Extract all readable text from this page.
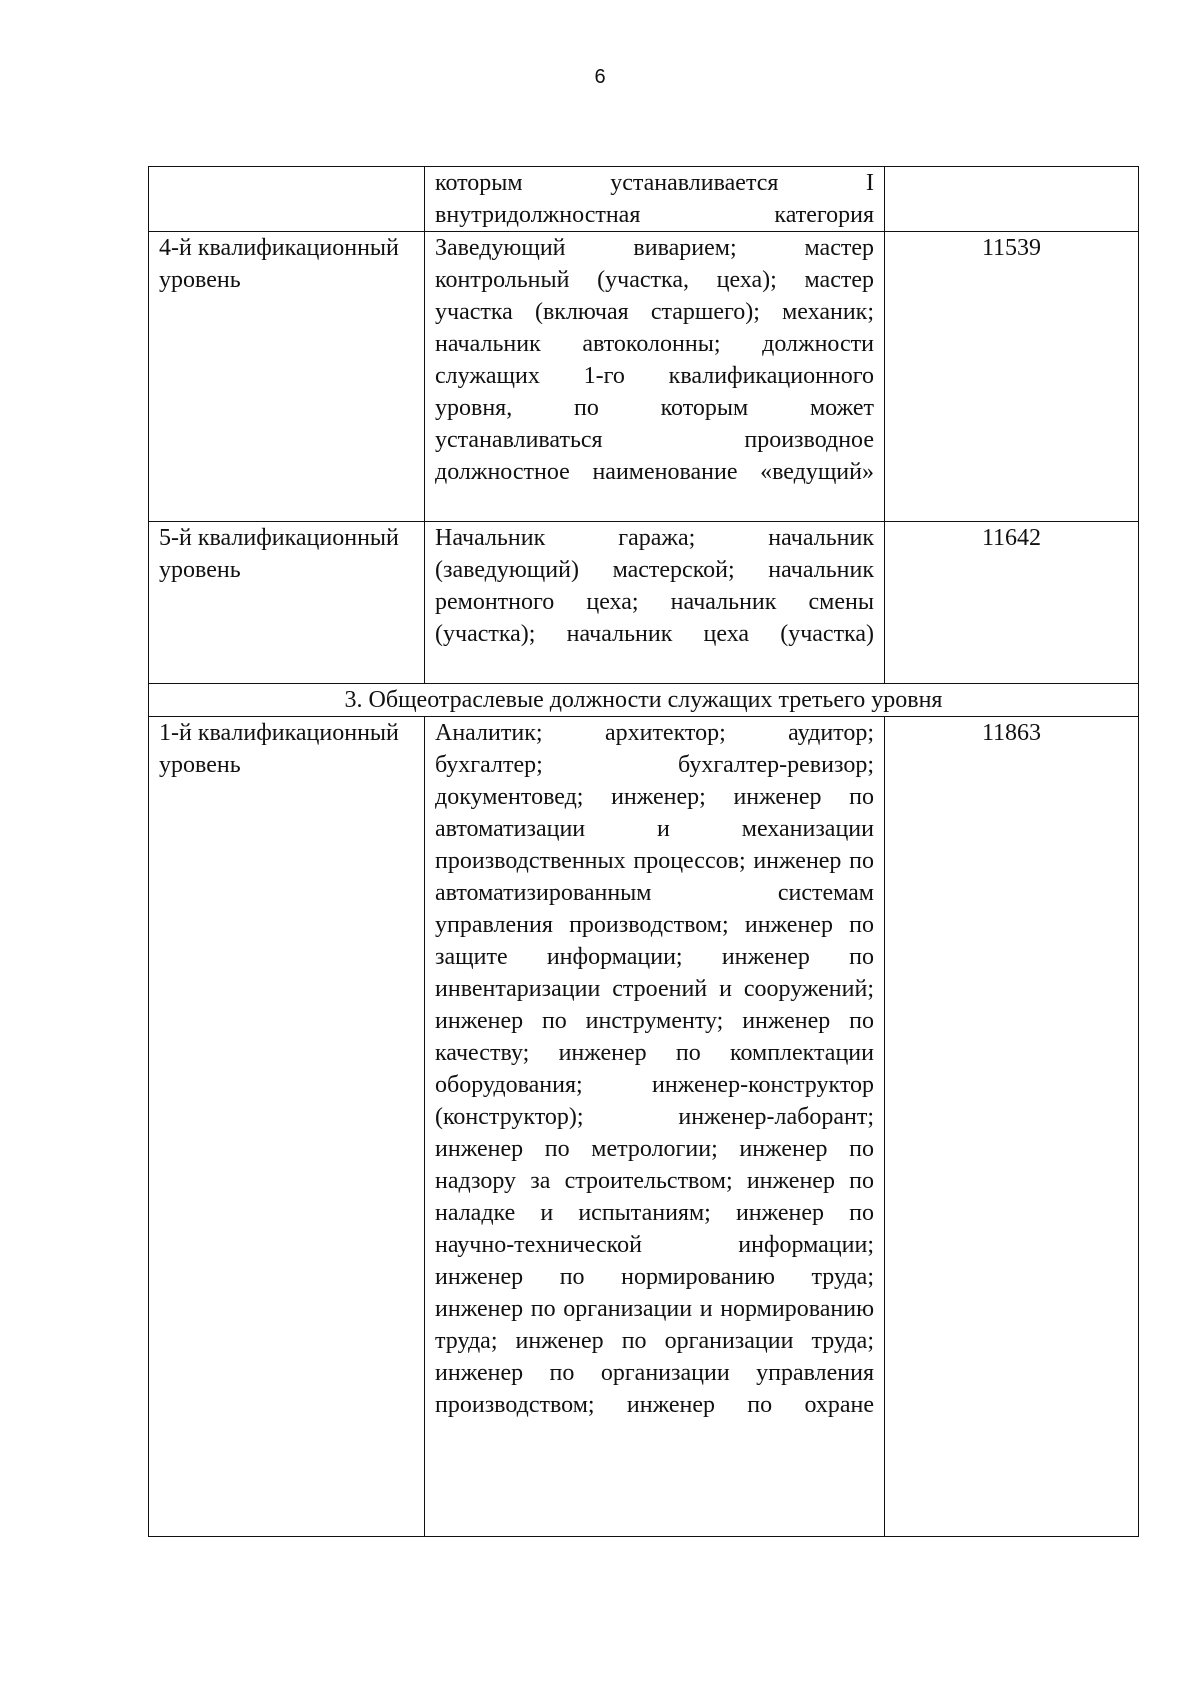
6
	которым устанавливается I внутридолжностная категория	
4-й квалификационный уровень	Заведующий виварием; мастер контрольный (участка, цеха); мастер участка (включая старшего); механик; начальник автоколонны; должности служащих 1-го квалификационного уровня, по которым может устанавливаться производное должностное наименование «ведущий»	11539
5-й квалификационный уровень	Начальник гаража; начальник (заведующий) мастерской; начальник ремонтного цеха; начальник смены (участка); начальник цеха (участка)	11642
3. Общеотраслевые должности служащих третьего уровня		
1-й квалификационный уровень	Аналитик; архитектор; аудитор; бухгалтер; бухгалтер-ревизор; документовед; инженер; инженер по автоматизации и механизации производственных процессов; инженер по автоматизированным системам управления производством; инженер по защите информации; инженер по инвентаризации строений и сооружений; инженер по инструменту; инженер по качеству; инженер по комплектации оборудования; инженер-конструктор (конструктор); инженер-лаборант; инженер по метрологии; инженер по надзору за строительством; инженер по наладке и испытаниям; инженер по научно-технической информации; инженер по нормированию труда; инженер по организации и нормированию труда; инженер по организации труда; инженер по организации управления производством; инженер по охране	11863
